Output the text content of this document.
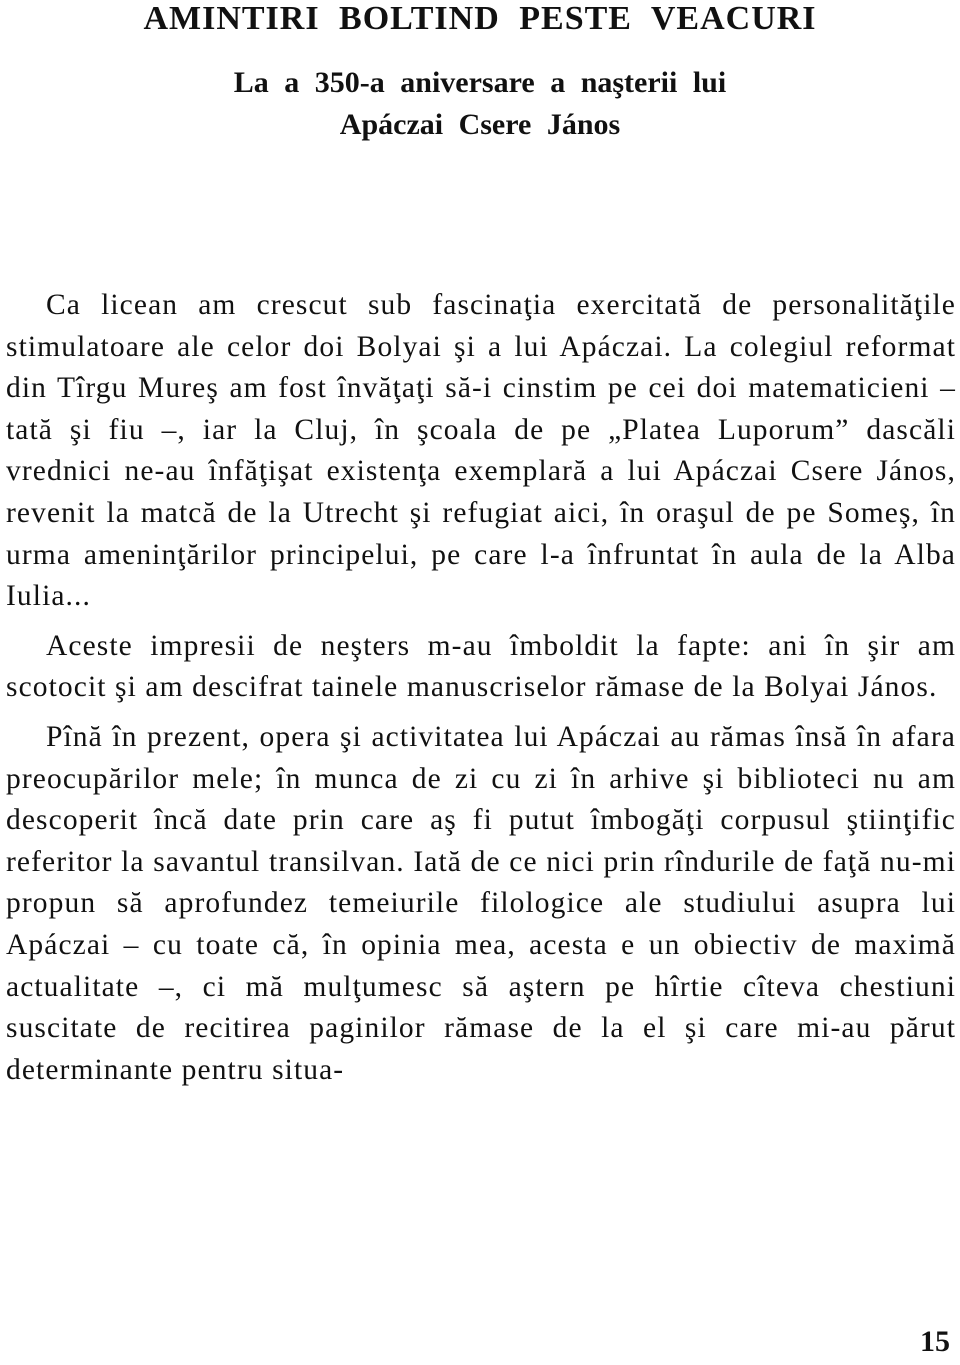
AMINTIRI BOLTIND PESTE VEACURI
La a 350-a aniversare a naşterii lui
Apáczai Csere János

Ca licean am crescut sub fascinaţia exercitată de personalităţile stimulatoare ale celor doi Bolyai şi a lui Apáczai. La colegiul reformat din Tîrgu Mureş am fost învăţaţi să-i cinstim pe cei doi matematicieni – tată şi fiu –, iar la Cluj, în şcoala de pe „Platea Luporum” dascăli vrednici ne-au înfăţişat existenţa exemplară a lui Apáczai Csere János, revenit la matcă de la Utrecht şi refugiat aici, în oraşul de pe Someş, în urma ameninţărilor principelui, pe care l-a înfruntat în aula de la Alba Iulia...

Aceste impresii de neşters m-au îmboldit la fapte: ani în şir am scotocit şi am descifrat tainele manuscriselor rămase de la Bolyai János.

Pînă în prezent, opera şi activitatea lui Apáczai au rămas însă în afara preocupărilor mele; în munca de zi cu zi în arhive şi biblioteci nu am descoperit încă date prin care aş fi putut îmbogăţi corpusul ştiinţific referitor la savantul transilvan. Iată de ce nici prin rîndurile de faţă nu-mi propun să aprofundez temeiurile filologice ale studiului asupra lui Apáczai – cu toate că, în opinia mea, acesta e un obiectiv de maximă actualitate –, ci mă mulţumesc să aştern pe hîrtie cîteva chestiuni suscitate de recitirea paginilor rămase de la el şi care mi-au părut determinante pentru situa-

15
